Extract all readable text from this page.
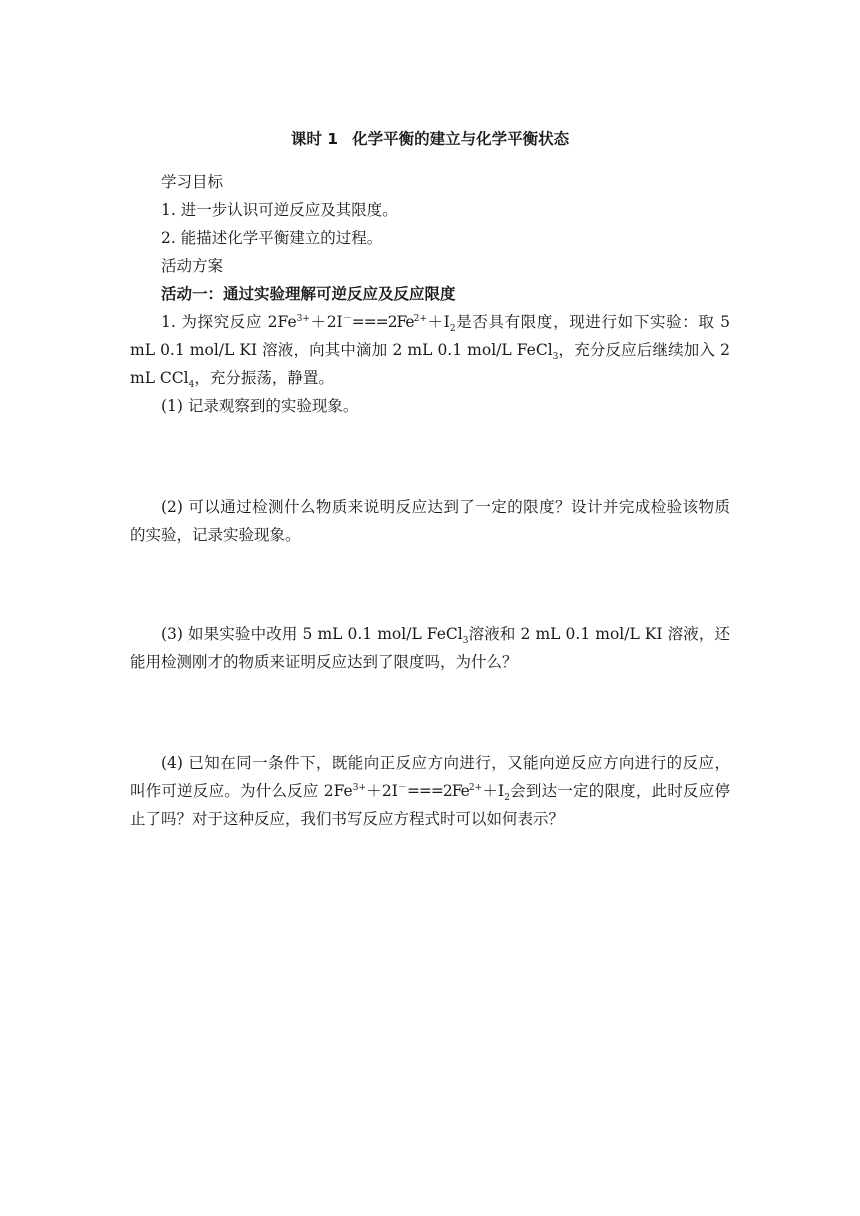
课时 1 化学平衡的建立与化学平衡状态

学习目标

1. 进一步认识可逆反应及其限度。

2. 能描述化学平衡建立的过程。

活动方案

活动一：通过实验理解可逆反应及反应限度

1. 为探究反应 $2Fe^{3+}+2I^-===2Fe^{2+}+I_2$是否具有限度，现进行如下实验：取 5 mL 0.1 mol/L KI 溶液，向其中滴加 2 mL 0.1 mol/L FeCl$_3$，充分反应后继续加入 2 mL CCl$_4$，充分振荡，静置。

(1) 记录观察到的实验现象。

(2) 可以通过检测什么物质来说明反应达到了一定的限度？设计并完成检验该物质的实验，记录实验现象。

(3) 如果实验中改用 5 mL 0.1 mol/L FeCl$_3$溶液和 2 mL 0.1 mol/L KI 溶液，还能用检测刚才的物质来证明反应达到了限度吗，为什么？

(4) 已知在同一条件下，既能向正反应方向进行，又能向逆反应方向进行的反应，叫作可逆反应。为什么反应 $2Fe^{3+}+2I^-===2Fe^{2+}+I_2$会到达一定的限度，此时反应停止了吗？对于这种反应，我们书写反应方程式时可以如何表示？
